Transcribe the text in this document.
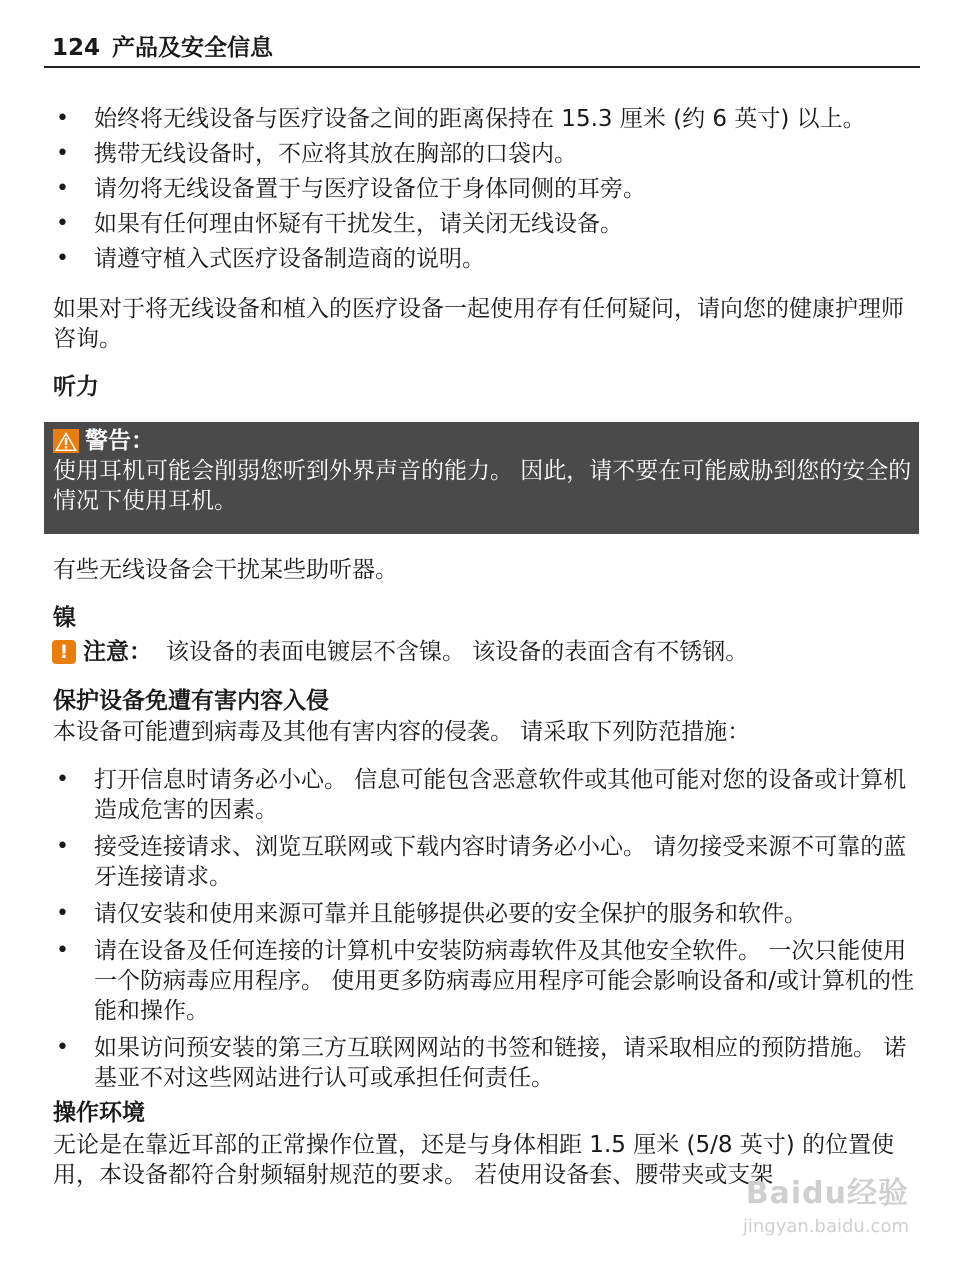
124 产品及安全信息
• 始终将无线设备与医疗设备之间的距离保持在 15.3 厘米 (约 6 英寸) 以上。
• 携带无线设备时，不应将其放在胸部的口袋内。
• 请勿将无线设备置于与医疗设备位于身体同侧的耳旁。
• 如果有任何理由怀疑有干扰发生，请关闭无线设备。
• 请遵守植入式医疗设备制造商的说明。

如果对于将无线设备和植入的医疗设备一起使用存有任何疑问，请向您的健康护理师咨询。

听力

警告：
使用耳机可能会削弱您听到外界声音的能力。 因此，请不要在可能威胁到您的安全的情况下使用耳机。

有些无线设备会干扰某些助听器。

镍

! 注意： 该设备的表面电镀层不含镍。 该设备的表面含有不锈钢。

保护设备免遭有害内容入侵

本设备可能遭到病毒及其他有害内容的侵袭。 请采取下列防范措施：

• 打开信息时请务必小心。 信息可能包含恶意软件或其他可能对您的设备或计算机造成危害的因素。
• 接受连接请求、浏览互联网或下载内容时请务必小心。 请勿接受来源不可靠的蓝牙连接请求。
• 请仅安装和使用来源可靠并且能够提供必要的安全保护的服务和软件。
• 请在设备及任何连接的计算机中安装防病毒软件及其他安全软件。 一次只能使用一个防病毒应用程序。 使用更多防病毒应用程序可能会影响设备和/或计算机的性能和操作。
• 如果访问预安装的第三方互联网网站的书签和链接，请采取相应的预防措施。 诺基亚不对这些网站进行认可或承担任何责任。

操作环境

无论是在靠近耳部的正常操作位置，还是与身体相距 1.5 厘米 (5/8 英寸) 的位置使用，本设备都符合射频辐射规范的要求。 若使用设备套、腰带夹或支架

Baidu经验
jingyan.baidu.com
